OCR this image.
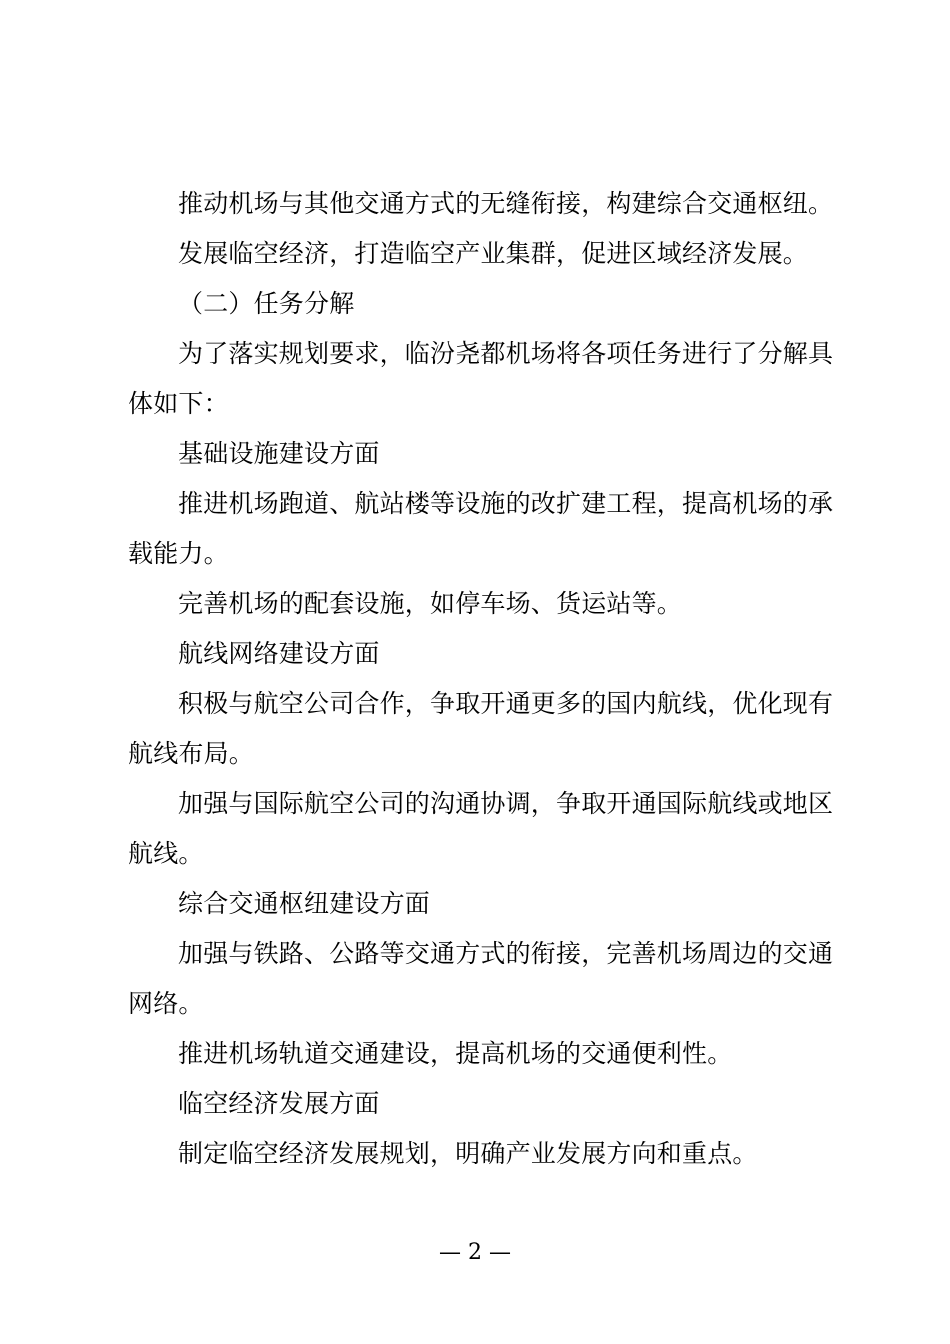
推动机场与其他交通方式的无缝衔接，构建综合交通枢纽。

发展临空经济，打造临空产业集群，促进区域经济发展。

（二）任务分解

为了落实规划要求，临汾尧都机场将各项任务进行了分解具体如下：

基础设施建设方面

推进机场跑道、航站楼等设施的改扩建工程，提高机场的承载能力。

完善机场的配套设施，如停车场、货运站等。

航线网络建设方面

积极与航空公司合作，争取开通更多的国内航线，优化现有航线布局。

加强与国际航空公司的沟通协调，争取开通国际航线或地区航线。

综合交通枢纽建设方面

加强与铁路、公路等交通方式的衔接，完善机场周边的交通网络。

推进机场轨道交通建设，提高机场的交通便利性。

临空经济发展方面

制定临空经济发展规划，明确产业发展方向和重点。

— 2 —
